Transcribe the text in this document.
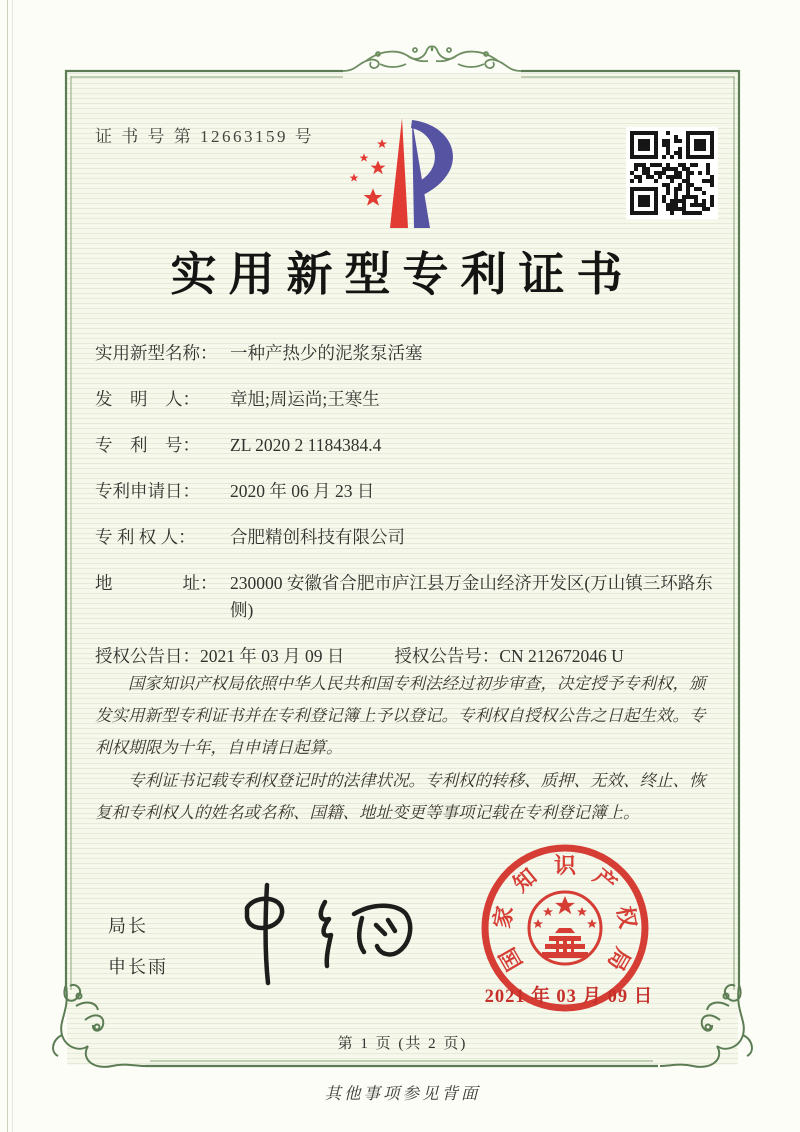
证 书 号 第 12663159 号
实用新型专利证书
实用新型名称： 一种产热少的泥浆泵活塞
发　明　人：	章旭;周运尚;王寒生
专　利　号：	ZL 2020 2 1184384.4
专利申请日：	2020 年 06 月 23 日
专 利 权 人：	合肥精创科技有限公司
地　　　　址： 230000 安徽省合肥市庐江县万金山经济开发区(万山镇三环路东侧)
授权公告日： 2021 年 03 月 09 日	授权公告号： CN 212672046 U

国家知识产权局依照中华人民共和国专利法经过初步审查，决定授予专利权，颁发实用新型专利证书并在专利登记簿上予以登记。专利权自授权公告之日起生效。专利权期限为十年，自申请日起算。

专利证书记载专利权登记时的法律状况。专利权的转移、质押、无效、终止、恢复和专利权人的姓名或名称、国籍、地址变更等事项记载在专利登记簿上。

局长
申长雨	国
家
知 识 产
权
局
2021 年 03 月 09 日
第 1 页 (共 2 页)
其他事项参见背面
